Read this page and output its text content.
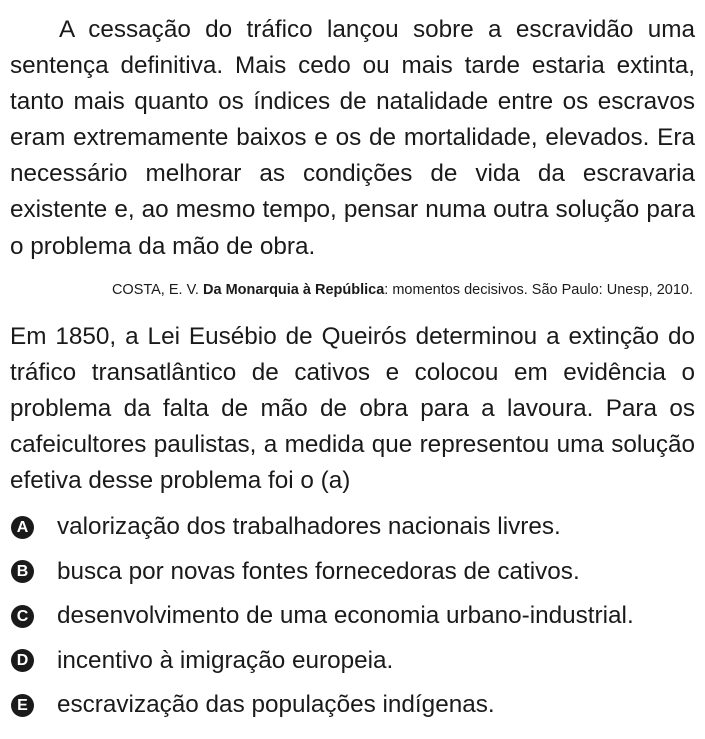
A cessação do tráfico lançou sobre a escravidão uma sentença definitiva. Mais cedo ou mais tarde estaria extinta, tanto mais quanto os índices de natalidade entre os escravos eram extremamente baixos e os de mortalidade, elevados. Era necessário melhorar as condições de vida da escravaria existente e, ao mesmo tempo, pensar numa outra solução para o problema da mão de obra.

COSTA, E. V. Da Monarquia à República: momentos decisivos. São Paulo: Unesp, 2010.

Em 1850, a Lei Eusébio de Queirós determinou a extinção do tráfico transatlântico de cativos e colocou em evidência o problema da falta de mão de obra para a lavoura. Para os cafeicultores paulistas, a medida que representou uma solução efetiva desse problema foi o (a)

A valorização dos trabalhadores nacionais livres.
B busca por novas fontes fornecedoras de cativos.
C desenvolvimento de uma economia urbano-industrial.
D incentivo à imigração europeia.
E escravização das populações indígenas.
